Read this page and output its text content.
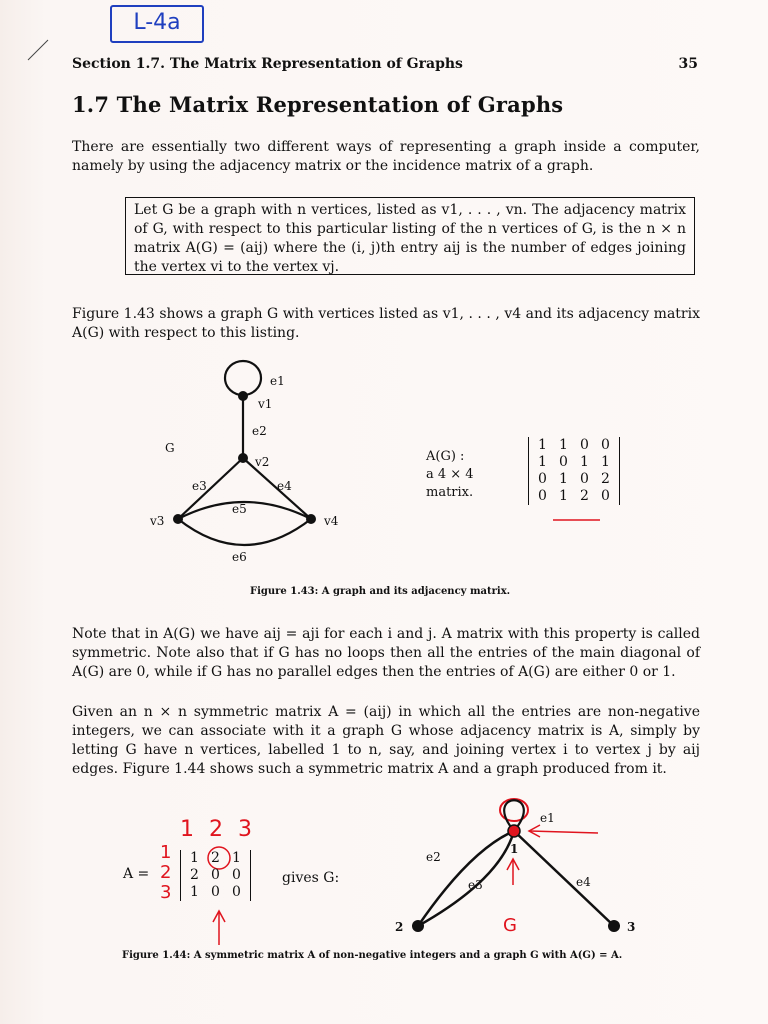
L-4a
Section 1.7. The Matrix Representation of Graphs	35
1.7 The Matrix Representation of Graphs
There are essentially two different ways of representing a graph inside a computer, namely by using the adjacency matrix or the incidence matrix of a graph.
Let G be a graph with n vertices, listed as v1, . . . , vn. The adjacency matrix of G, with respect to this particular listing of the n vertices of G, is the n × n matrix A(G) = (aij) where the (i, j)th entry aij is the number of edges joining the vertex vi to the vertex vj.
Figure 1.43 shows a graph G with vertices listed as v1, . . . , v4 and its adjacency matrix A(G) with respect to this listing.
e1
v1
e2
G
v2
e3	e4
e5
v3	v4
e6
A(G) :
a 4 × 4
matrix.
1 1 0 0
1 0 1 1
0 1 0 2
0 1 2 0
Figure 1.43: A graph and its adjacency matrix.
Note that in A(G) we have aij = aji for each i and j. A matrix with this property is called symmetric. Note also that if G has no loops then all the entries of the main diagonal of A(G) are 0, while if G has no parallel edges then the entries of A(G) are either 0 or 1.
Given an n × n symmetric matrix A = (aij) in which all the entries are non-negative integers, we can associate with it a graph G whose adjacency matrix is A, simply by letting G have n vertices, labelled 1 to n, say, and joining vertex i to vertex j by aij edges. Figure 1.44 shows such a symmetric matrix A and a graph produced from it.
1 2 3
A =
1
2
3
1 2 1
2 0 0
1 0 0
gives G:
e1
1
e2
e3	e4
2	3
G
Figure 1.44: A symmetric matrix A of non-negative integers and a graph G with A(G) = A.
